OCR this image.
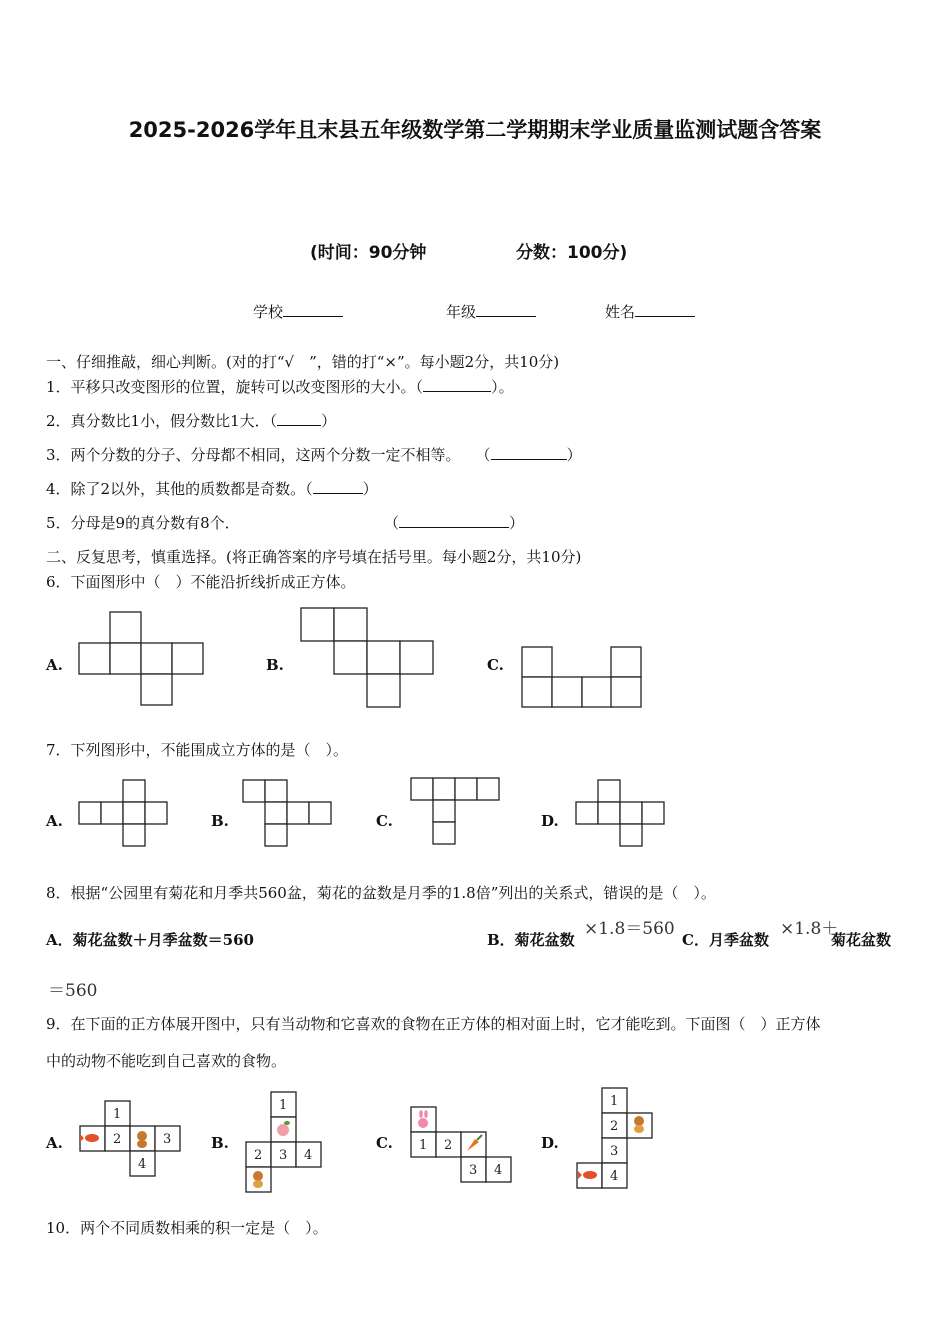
2025-2026学年且末县五年级数学第二学期期末学业质量监测试题含答案
(时间：90分钟	分数：100分)
学校	年级	姓名
一、仔细推敲，细心判断。(对的打“√　”，错的打“×”。每小题2分，共10分)
1．平移只改变图形的位置，旋转可以改变图形的大小。（	）。
2．真分数比1小，假分数比1大．（	）
3．两个分数的分子、分母都不相同，这两个分数一定不相等。　　（	）
4．除了2以外，其他的质数都是奇数。（	）
5．分母是9的真分数有8个．	（	）
二、反复思考，慎重选择。(将正确答案的序号填在括号里。每小题2分，共10分)
6．下面图形中（　）不能沿折线折成正方体。
A.	B.	C.
7．下列图形中，不能围成立方体的是（　）。
A.	B.	C.	D.
8．根据“公园里有菊花和月季共560盆，菊花的盆数是月季的1.8倍”列出的关系式，错误的是（　）。
A．菊花盆数＋月季盆数＝560	B．菊花盆数
×1.8＝560
C．月季盆数
×1.8＋
菊花盆数
＝560
9．在下面的正方体展开图中，只有当动物和它喜欢的食物在正方体的相对面上时，它才能吃到。下面图（　）正方体
中的动物不能吃到自己喜欢的食物。
A.
1
2	3
4
B.
1
2 3 4
C. 1 2
3 4
D.
1
2
3
4
10．两个不同质数相乘的积一定是（　）。
